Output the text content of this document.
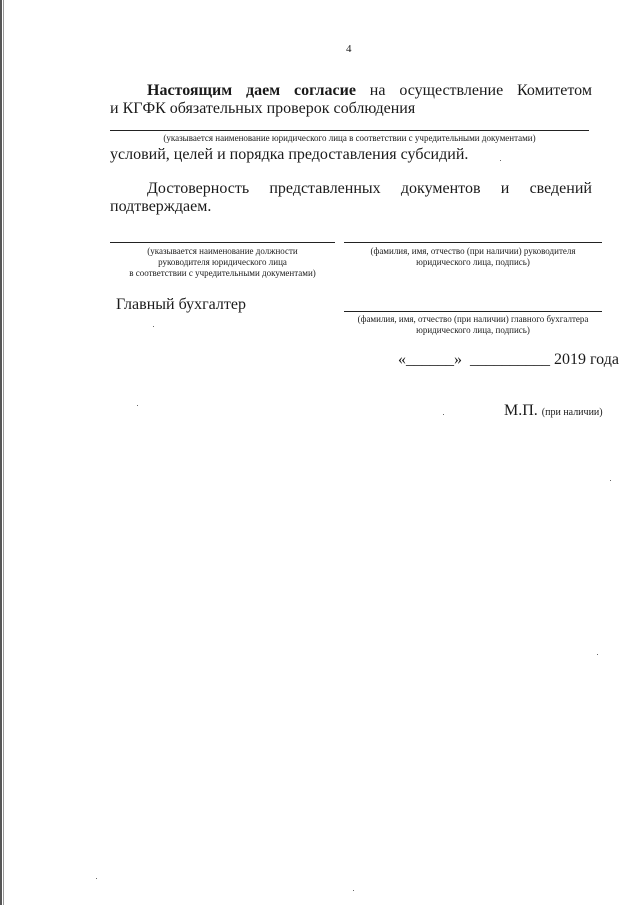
4
Настоящим даем согласие на осуществление Комитетом
и КГФК обязательных проверок соблюдения
(указывается наименование юридического лица в соответствии с учредительными документами)
условий, целей и порядка предоставления субсидий.
Достоверность представленных документов и сведений
подтверждаем.
(указывается наименование должности
руководителя юридического лица
в соответствии с учредительными документами)
(фамилия, имя, отчество (при наличии) руководителя
юридического лица, подпись)
Главный бухгалтер
(фамилия, имя, отчество (при наличии) главного бухгалтера
юридического лица, подпись)
«______» __________ 2019 года
М.П. (при наличии)
